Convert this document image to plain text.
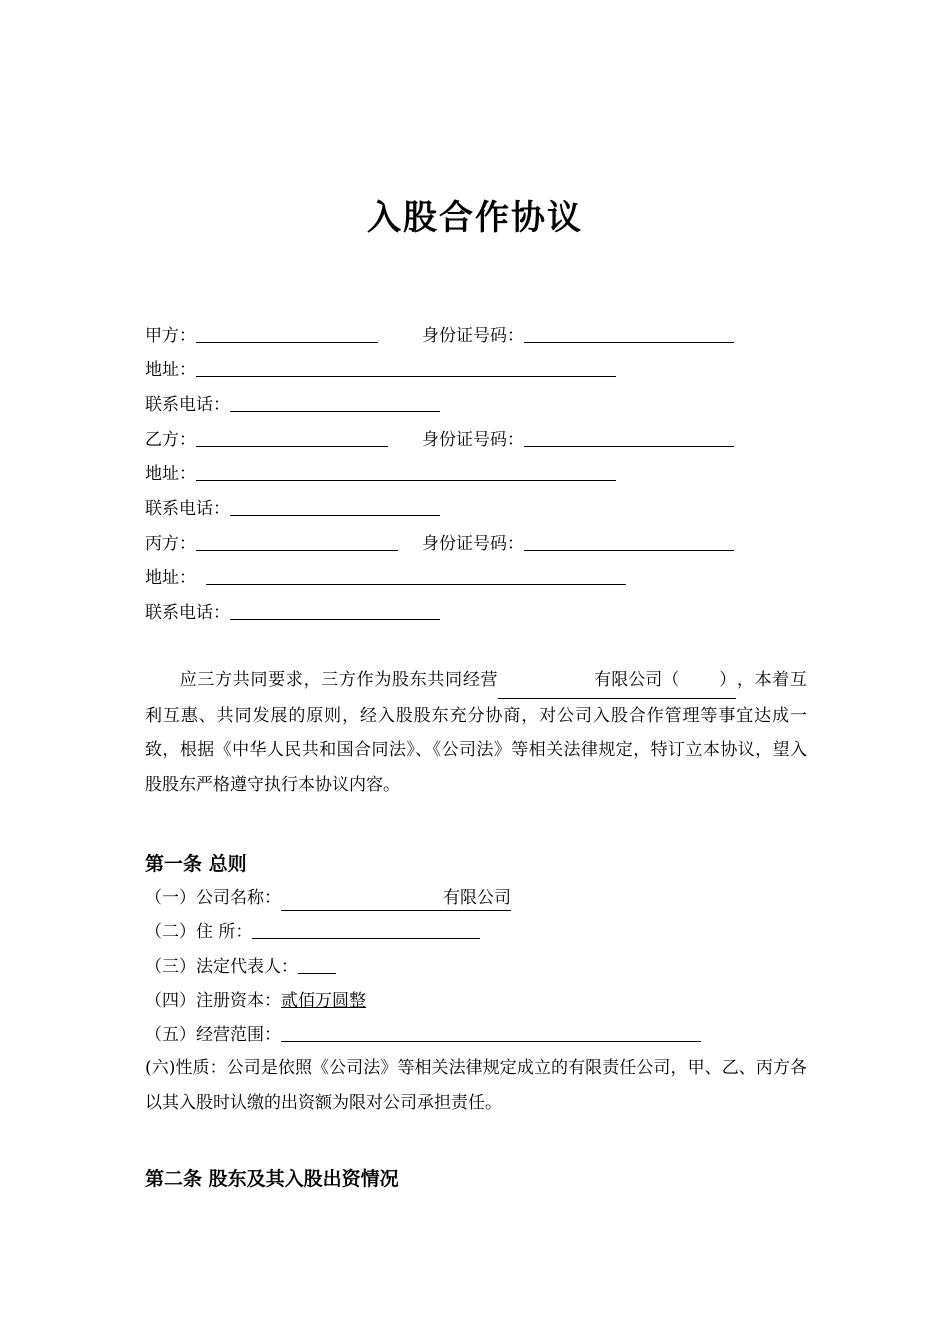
入股合作协议
甲方：	身份证号码：
地址：
联系电话：
乙方：	身份证号码：
地址：
联系电话：
丙方：	身份证号码：
地址：
联系电话：
应三方共同要求，三方作为股东共同经营	有限公司（ ），本着互利互惠、共同发展的原则，经入股股东充分协商，对公司入股合作管理等事宜达成一致，根据《中华人民共和国合同法》、《公司法》等相关法律规定，特订立本协议，望入股股东严格遵守执行本协议内容。
第一条 总则
（一）公司名称：	有限公司
（二）住 所：
（三）法定代表人：
（四）注册资本：贰佰万圆整
（五）经营范围：
(六)性质：公司是依照《公司法》等相关法律规定成立的有限责任公司，甲、乙、丙方各以其入股时认缴的出资额为限对公司承担责任。
第二条 股东及其入股出资情况
